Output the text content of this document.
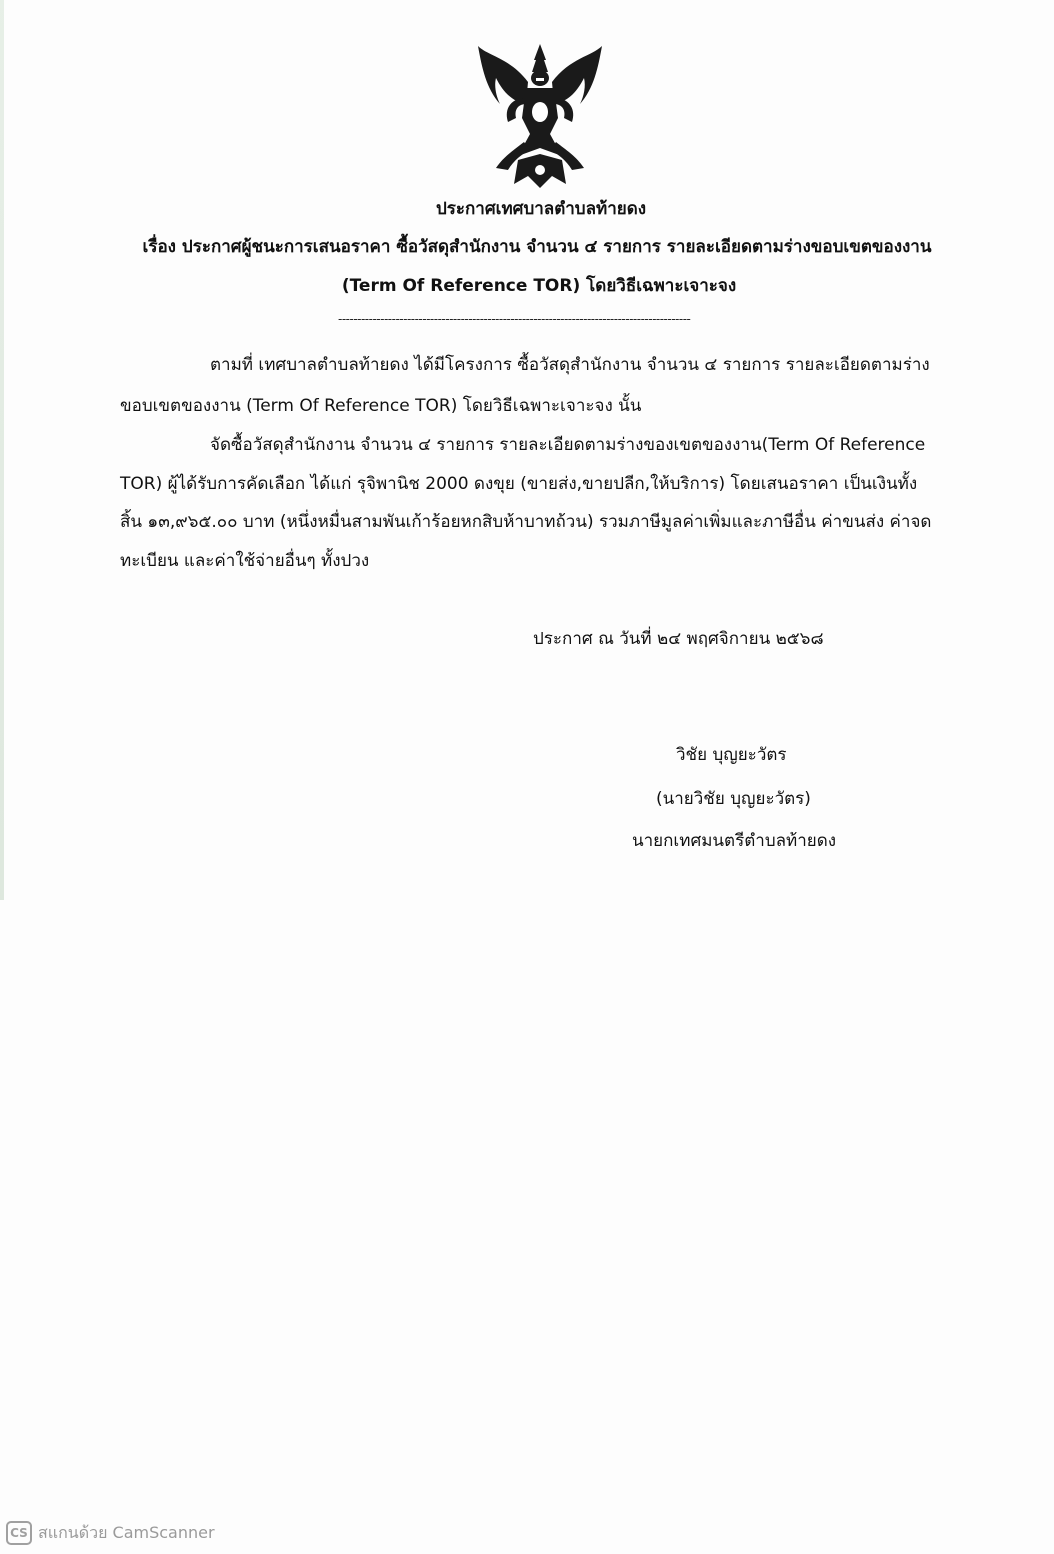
ประกาศเทศบาลตำบลท้ายดง
เรื่อง ประกาศผู้ชนะการเสนอราคา ซื้อวัสดุสำนักงาน จำนวน ๔ รายการ รายละเอียดตามร่างขอบเขตของงาน
(Term Of Reference TOR) โดยวิธีเฉพาะเจาะจง
--------------------------------------------------------------------------------------------
ตามที่ เทศบาลตำบลท้ายดง ได้มีโครงการ ซื้อวัสดุสำนักงาน จำนวน ๔ รายการ รายละเอียดตามร่าง
ขอบเขตของงาน (Term Of Reference TOR) โดยวิธีเฉพาะเจาะจง นั้น
จัดซื้อวัสดุสำนักงาน จำนวน ๔ รายการ รายละเอียดตามร่างของเขตของงาน(Term Of Reference
TOR) ผู้ได้รับการคัดเลือก ได้แก่ รุจิพานิช 2000 ดงขุย (ขายส่ง,ขายปลีก,ให้บริการ) โดยเสนอราคา เป็นเงินทั้ง
สิ้น ๑๓,๙๖๕.๐๐ บาท (หนึ่งหมื่นสามพันเก้าร้อยหกสิบห้าบาทถ้วน) รวมภาษีมูลค่าเพิ่มและภาษีอื่น ค่าขนส่ง ค่าจด
ทะเบียน และค่าใช้จ่ายอื่นๆ ทั้งปวง
ประกาศ ณ วันที่ ๒๔ พฤศจิกายน ๒๕๖๘
วิชัย บุญยะวัตร
(นายวิชัย บุญยะวัตร)
นายกเทศมนตรีตำบลท้ายดง
CS สแกนด้วย CamScanner
